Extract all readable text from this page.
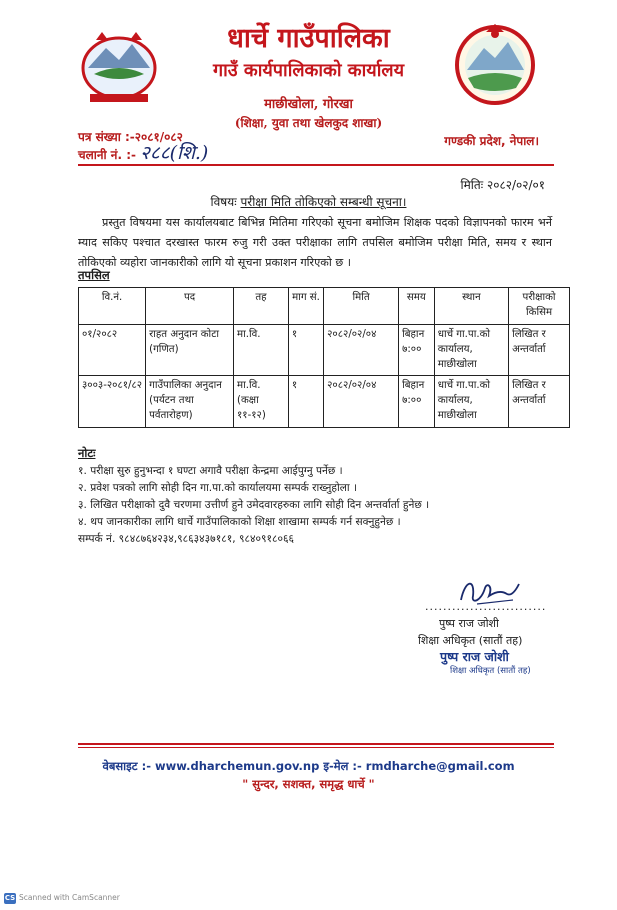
धार्चे गाउँपालिका
गाउँ कार्यपालिकाको कार्यालय
माछीखोला, गोरखा
(शिक्षा, युवा तथा खेलकुद शाखा)
पत्र संख्या :-२०८१/०८२
चलानी नं. :- २८८(शि.)
गण्डकी प्रदेश, नेपाल।
मितिः २०८२/०२/०१
विषयः परीक्षा मिति तोकिएको सम्बन्धी सूचना।
प्रस्तुत विषयमा यस कार्यालयबाट बिभिन्न मितिमा गरिएको सूचना बमोजिम शिक्षक पदको विज्ञापनको फारम भर्ने म्याद सकिए पश्चात दरखास्त फारम रुजु गरी उक्त परीक्षाका लागि तपसिल बमोजिम परीक्षा मिति, समय र स्थान तोकिएको व्यहोरा जानकारीको लागि यो सूचना प्रकाशन गरिएको छ ।
तपसिल
वि.नं.	पद	तह	माग सं.	मिति	समय	स्थान	परीक्षाको किसिम
०१/२०८२	राहत अनुदान कोटा (गणित)	मा.वि.	१	२०८२/०२/०४	बिहान ७:००	धार्चे गा.पा.को कार्यालय, माछीखोला	लिखित र अन्तर्वार्ता
३००३-२०८१/८२	गाउँपालिका अनुदान (पर्यटन तथा पर्वतारोहण)	मा.वि. (कक्षा ११-१२)	१	२०८२/०२/०४	बिहान ७:००	धार्चे गा.पा.को कार्यालय, माछीखोला	लिखित र अन्तर्वार्ता
नोटः
१. परीक्षा सुरु हुनुभन्दा १ घण्टा अगावै परीक्षा केन्द्रमा आईपुग्नु पर्नेछ ।
२. प्रवेश पत्रको लागि सोही दिन गा.पा.को कार्यालयमा सम्पर्क राख्नुहोला ।
३. लिखित परीक्षाको दुवै चरणमा उत्तीर्ण हुने उमेदवारहरुका लागि सोही दिन अन्तर्वार्ता हुनेछ ।
४. थप जानकारीका लागि धार्चे गाउँपालिकाको शिक्षा शाखामा सम्पर्क गर्न सक्नुहुनेछ ।
सम्पर्क नं. ९८४८७६४२३४,९८६३४३७१८१, ९८४०९१८०६६
...........................
पुष्प राज जोशी
शिक्षा अधिकृत (सातौं तह)
पुष्प राज जोशी
शिक्षा अधिकृत (सातौं तह)
वेबसाइट :- www.dharchemun.gov.np इ-मेल :- rmdharche@gmail.com
" सुन्दर, सशक्त, समृद्ध धार्चे "
CS Scanned with CamScanner
